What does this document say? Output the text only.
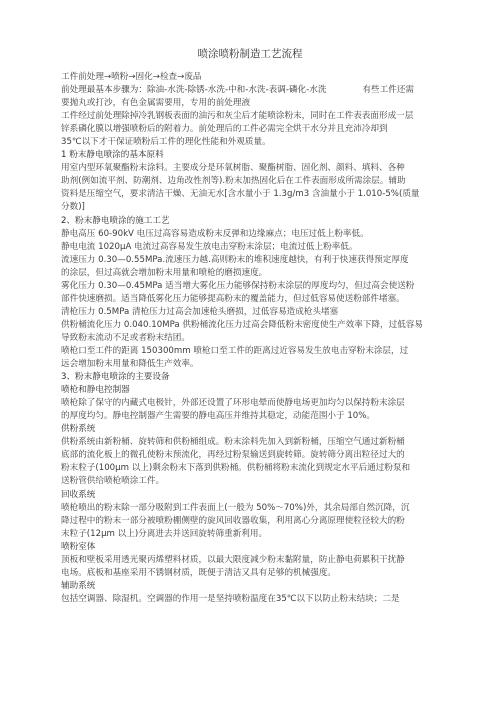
喷涂喷粉制造工艺流程
工件前处理→喷粉→固化→检查→废品
前处理最基本步骤为：除油-水洗-除锈-水洗-中和-水洗-表调-磷化-水洗	有些工件还需
要抛丸或打沙，有色金属需要用，专用的前处理液
工件经过前处理除掉冷乳钢板表面的油污和灰尘后才能喷涂粉末，同时在工件表表面形成一层
锌系磷化膜以增强喷粉后的附着力。前处理后的工件必需完全烘干水分并且充沛冷却到
35℃以下才干保证喷粉后工件的理化性能和外观质量。
1 粉末静电喷涂的基本原料
用室内型环氧聚酯粉末涂料。主要成分是环氧树脂、聚酯树脂、固化剂、颜料、填料、各种
助剂(例如流平剂、防潮剂、边角改性剂等).粉末加热固化后在工件表面形成所需涂层。辅助
资料是压缩空气，要求清洁干燥、无油无水[含水量小于 1.3g/m3 含油量小于 1.010-5%(质量
分数)]
2、粉末静电喷涂的施工工艺
静电高压 60-90kV 电压过高容易造成粉末反弹和边缘麻点；电压过低上粉率低。
静电电流 1020μA 电流过高容易发生放电击穿粉末涂层；电流过低上粉率低。
流速压力 0.30—0.55MPa.流速压力越.高则粉末的堆积速度越快，有利于快速获得预定厚度
的涂层，但过高就会增加粉末用量和喷枪的磨损速度。
雾化压力 0.30—0.45MPa 适当增大雾化压力能够保持粉末涂层的厚度均匀，但过高会使送粉
部件快速磨损。适当降低雾化压力能够提高粉末的覆盖能力，但过低容易使送粉部件堵塞。
清枪压力 0.5MPa 清枪压力过高会加速枪头磨损，过低容易造成枪头堵塞
供粉桶流化压力 0.040.10MPa 供粉桶流化压力过高会降低粉末密度使生产效率下降，过低容易
导致粉末流动不足或者粉末结团。
喷枪口至工件的距离 150300mm 喷枪口至工件的距离过近容易发生放电击穿粉末涂层，过
远会增加粉末用量和降低生产效率。
3、粉末静电喷涂的主要设备
喷枪和静电控制器
喷枪除了保守的内藏式电极针，外部还设置了环形电晕而使静电场更加均匀以保持粉末涂层
的厚度均匀。静电控制器产生需要的静电高压并维持其稳定，动能范围小于 10%。
供粉系统
供粉系统由新粉桶、旋转筛和供粉桶组成。粉末涂料先加入到新粉桶，压缩空气通过新粉桶
底部的流化板上的微孔使粉末预流化，再经过粉泵输送到旋转筛。旋转筛分离出粒径过大的
粉末粒子(100μm 以上)剩余粉末下落到供粉桶。供粉桶将粉末流化到规定水平后通过粉泵和
送粉管供给喷枪喷涂工件。
回收系统
喷枪喷出的粉末除一部分吸附到工件表面上(一般为 50%～70%)外，其余局部自然沉降，沉
降过程中的粉末一部分被喷粉棚侧壁的旋风回收器收集，利用离心分离原理使粒径较大的粉
末粒子(12μm 以上)分离进去并送回旋转筛重新利用。
喷粉室体
顶板和壁板采用透光聚丙烯塑料材质，以最大限度减少粉末黏附量，防止静电荷累积干扰静
电场。底板和基座采用不锈钢材质，既便于清洁又具有足够的机械强度。
辅助系统
包括空调器、除湿机。空调器的作用一是坚持喷粉温度在35℃以下以防止粉末结块；二是
